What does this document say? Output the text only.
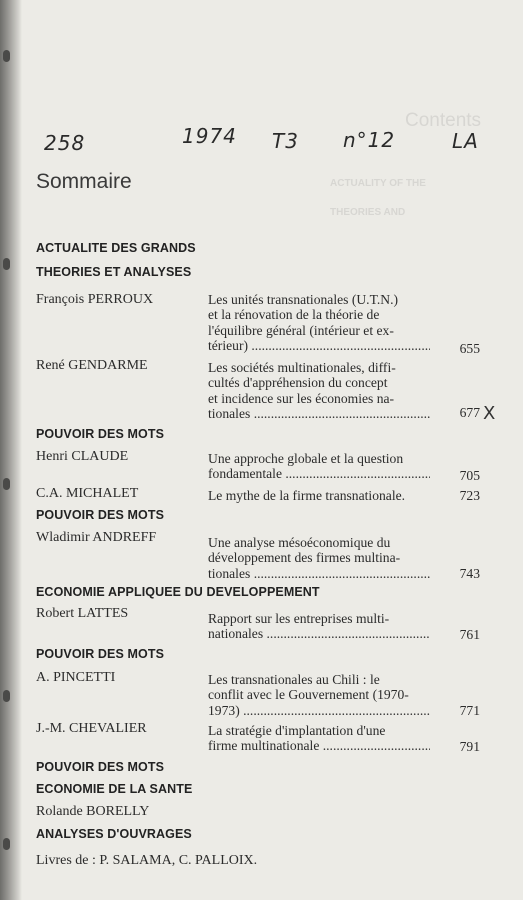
Contents
ACTUALITY OF THE
THEORIES AND
258	1974 T3 n°12	LA
Sommaire
ACTUALITE DES GRANDS
THEORIES ET ANALYSES
François PERROUX	Les unités transnationales (U.T.N.)
et la rénovation de la théorie de
l'équilibre général (intérieur et ex-
térieur) .....	655
René GENDARME	Les sociétés multinationales, diffi-
cultés d'appréhension du concept
et incidence sur les économies na-
tionales .....	677 X
POUVOIR DES MOTS
Henri CLAUDE	Une approche globale et la question
fondamentale .....	705
C.A. MICHALET	Le mythe de la firme transnationale.	723
POUVOIR DES MOTS
Wladimir ANDREFF	Une analyse mésoéconomique du
développement des firmes multina-
tionales .....	743
ECONOMIE APPLIQUEE DU DEVELOPPEMENT
Robert LATTES	Rapport sur les entreprises multi-
nationales .....	761
POUVOIR DES MOTS
A. PINCETTI	Les transnationales au Chili : le
conflit avec le Gouvernement (1970-
1973) .....	771
J.-M. CHEVALIER	La stratégie d'implantation d'une
firme multinationale .....	791
POUVOIR DES MOTS
ECONOMIE DE LA SANTE
Rolande BORELLY
ANALYSES D'OUVRAGES
Livres de : P. SALAMA, C. PALLOIX.
